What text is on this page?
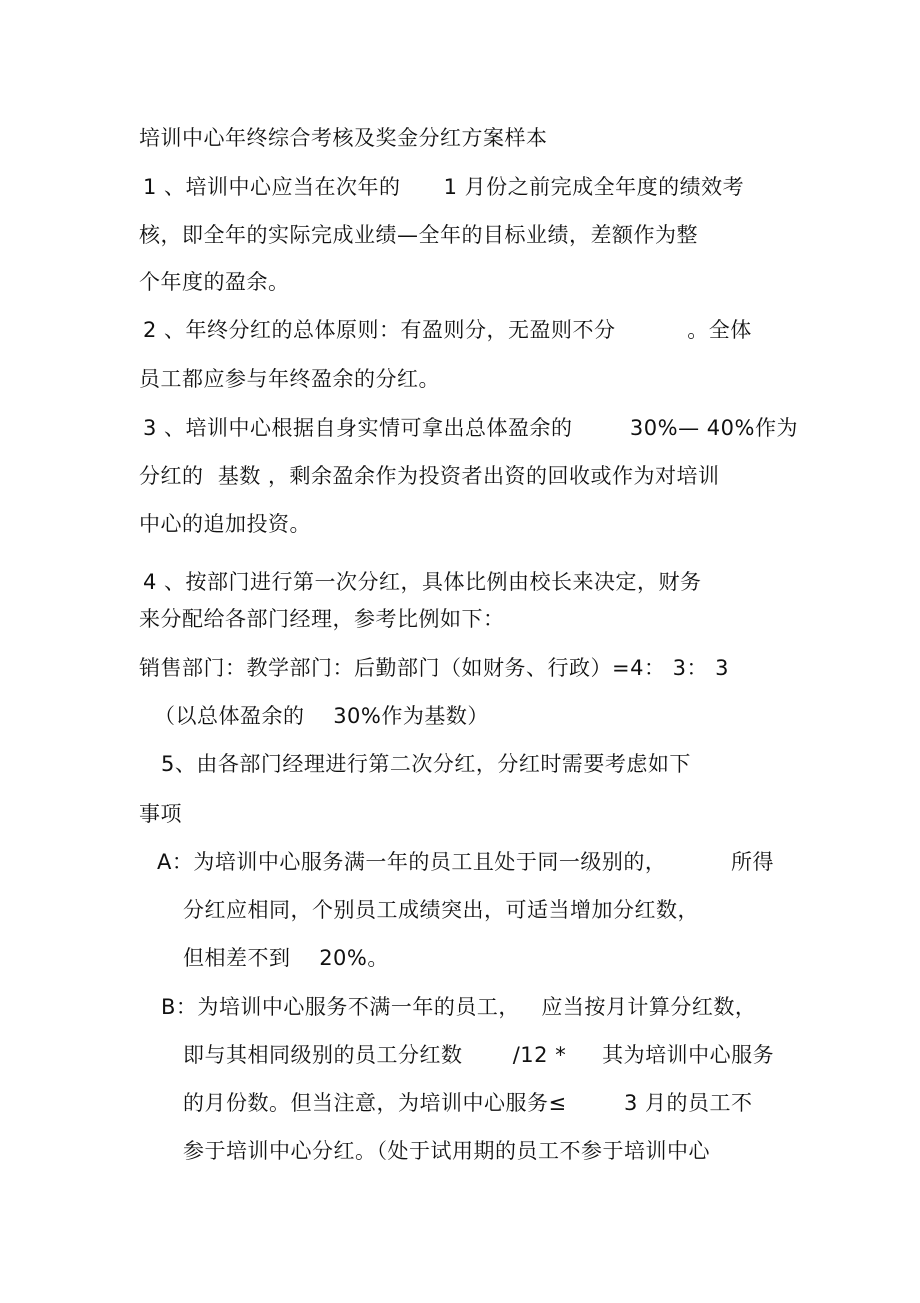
培训中心年终综合考核及奖金分红方案样本
1 、培训中心应当在次年的      1 月份之前完成全年度的绩效考
核，即全年的实际完成业绩—全年的目标业绩，差额作为整
个年度的盈余。
2 、年终分红的总体原则：有盈则分，无盈则不分          。全体
员工都应参与年终盈余的分红。
3 、培训中心根据自身实情可拿出总体盈余的        30%— 40%作为
分红的  基数 ，剩余盈余作为投资者出资的回收或作为对培训
中心的追加投资。
4 、按部门进行第一次分红，具体比例由校长来决定，财务
来分配给各部门经理，参考比例如下：
销售部门：教学部门：后勤部门（如财务、行政）=4： 3： 3
（以总体盈余的    30%作为基数）
5、由各部门经理进行第二次分红，分红时需要考虑如下
事项
A：为培训中心服务满一年的员工且处于同一级别的，         所得
分红应相同，个别员工成绩突出，可适当增加分红数，
但相差不到    20%。
B：为培训中心服务不满一年的员工，   应当按月计算分红数，
即与其相同级别的员工分红数       /12 *     其为培训中心服务
的月份数。但当注意，为培训中心服务≤        3 月的员工不
参于培训中心分红。（处于试用期的员工不参于培训中心
